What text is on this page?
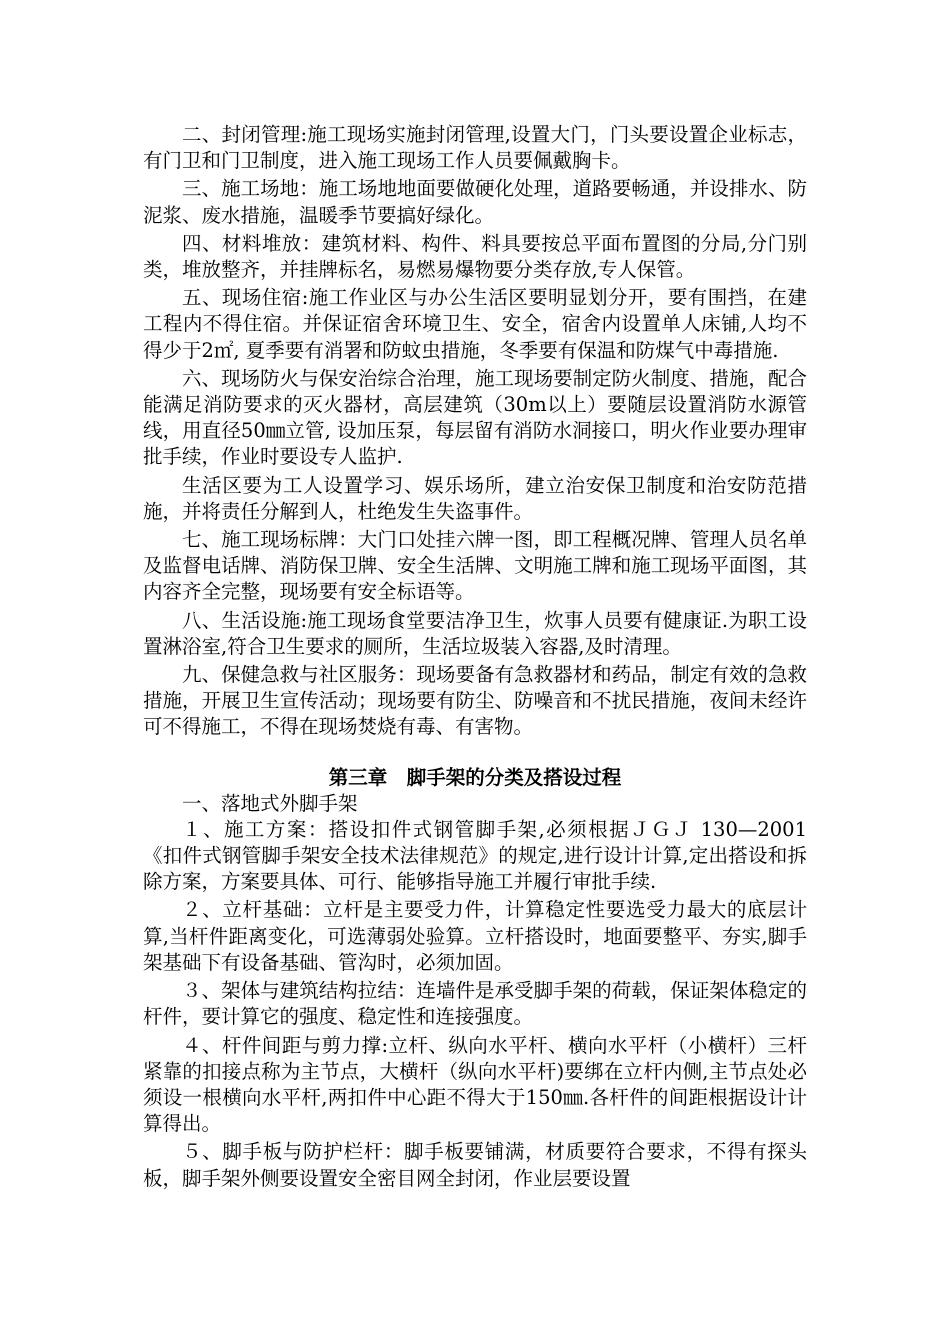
二、封闭管理:施工现场实施封闭管理,设置大门，门头要设置企业标志，有门卫和门卫制度，进入施工现场工作人员要佩戴胸卡。

三、施工场地：施工场地地面要做硬化处理，道路要畅通，并设排水、防泥浆、废水措施，温暖季节要搞好绿化。

四、材料堆放：建筑材料、构件、料具要按总平面布置图的分局,分门别类，堆放整齐，并挂牌标名，易燃易爆物要分类存放,专人保管。

五、现场住宿:施工作业区与办公生活区要明显划分开，要有围挡，在建工程内不得住宿。并保证宿舍环境卫生、安全，宿舍内设置单人床铺,人均不得少于2㎡, 夏季要有消署和防蚊虫措施，冬季要有保温和防煤气中毒措施.

六、现场防火与保安治综合治理，施工现场要制定防火制度、措施，配合能满足消防要求的灭火器材，高层建筑（30m以上）要随层设置消防水源管线，用直径50㎜立管, 设加压泵，每层留有消防水洞接口，明火作业要办理审批手续，作业时要设专人监护.

生活区要为工人设置学习、娱乐场所，建立治安保卫制度和治安防范措施，并将责任分解到人，杜绝发生失盗事件。

七、施工现场标牌：大门口处挂六牌一图，即工程概况牌、管理人员名单及监督电话牌、消防保卫牌、安全生活牌、文明施工牌和施工现场平面图，其内容齐全完整，现场要有安全标语等。

八、生活设施:施工现场食堂要洁净卫生，炊事人员要有健康证.为职工设置淋浴室,符合卫生要求的厕所，生活垃圾装入容器,及时清理。

九、保健急救与社区服务：现场要备有急救器材和药品，制定有效的急救措施，开展卫生宣传活动；现场要有防尘、防噪音和不扰民措施，夜间未经许可不得施工，不得在现场焚烧有毒、有害物。

第三章　脚手架的分类及搭设过程

一、落地式外脚手架

１、施工方案：搭设扣件式钢管脚手架,必须根据ＪＧＪ 130—2001《扣件式钢管脚手架安全技术法律规范》的规定,进行设计计算,定出搭设和拆除方案，方案要具体、可行、能够指导施工并履行审批手续.

２、立杆基础：立杆是主要受力件，计算稳定性要选受力最大的底层计算,当杆件距离变化，可选薄弱处验算。立杆搭设时，地面要整平、夯实,脚手架基础下有设备基础、管沟时，必须加固。

３、架体与建筑结构拉结：连墙件是承受脚手架的荷载，保证架体稳定的杆件，要计算它的强度、稳定性和连接强度。

４、杆件间距与剪力撑:立杆、纵向水平杆、横向水平杆（小横杆）三杆紧靠的扣接点称为主节点，大横杆（纵向水平杆)要绑在立杆内侧,主节点处必须设一根横向水平杆,两扣件中心距不得大于150㎜.各杆件的间距根据设计计算得出。

５、脚手板与防护栏杆：脚手板要铺满，材质要符合要求，不得有探头板，脚手架外侧要设置安全密目网全封闭，作业层要设置
